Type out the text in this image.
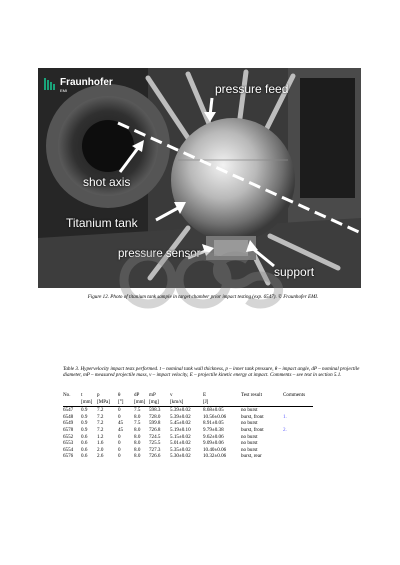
Fraunhofer
EMI	pressure feed
shot axis
Titanium tank
pressure sensor
support
Figure 12. Photo of titanium tank sample in target chamber prior impact testing (exp. 6547). © Fraunhofer EMI.
Table 3. Hypervelocity impact tests performed. t – nominal tank wall thickness, p – inner tank pressure, θ – impact angle, dP – nominal projectile diameter, mP – measured projectile mass, v – impact velocity, E – projectile kinetic energy at impact. Comments – see text in section 5.1.
No.	t	p	θ	dP	mP	v	E	Test result	Comments
	[mm]	[MPa]	[°]	[mm]	[mg]	[km/s]	[J]		
6547	0.9	7.2	0	7.5	598.3	5.39±0.02	8.68±0.05	no burst	
6548	0.9	7.2	0	8.0	728.0	5.39±0.02	10.56±0.06	burst, front	1.
6549	0.9	7.2	45	7.5	599.8	5.45±0.02	8.91±0.05	no burst	
6578	0.9	7.2	45	8.0	726.8	5.19±0.10	9.79±0.38	burst, front	2.
6552	0.6	1.2	0	8.0	724.5	5.15±0.02	9.62±0.06	no burst	
6553	0.6	1.6	0	8.0	725.5	5.01±0.02	9.09±0.06	no burst	
6554	0.6	2.0	0	8.0	727.3	5.35±0.02	10.40±0.06	no burst	
6576	0.6	2.6	0	8.0	726.6	5.30±0.02	10.32±0.06	burst, rear	
